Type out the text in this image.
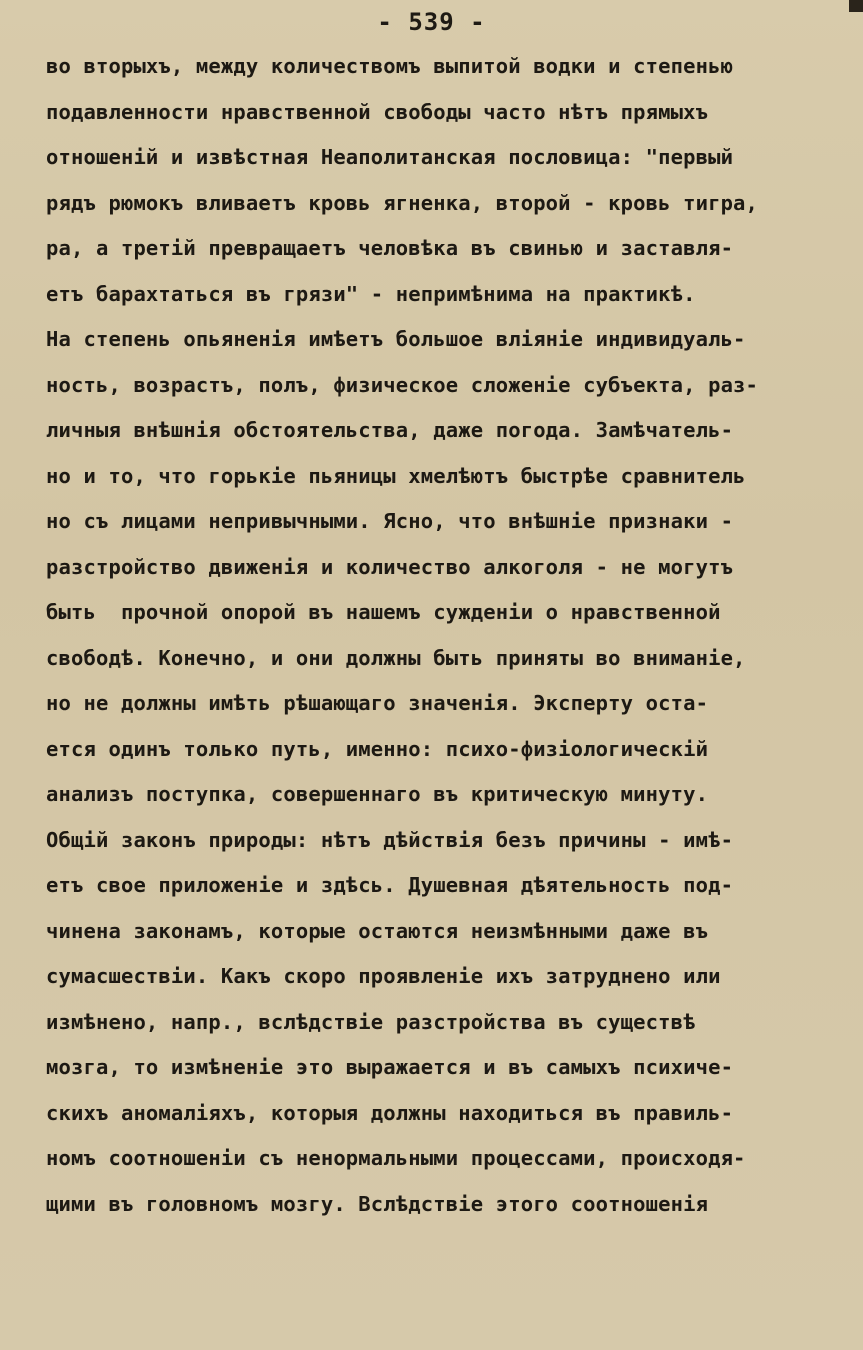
- 539 -

во вторыхъ, между количествомъ выпитой водки и степенью
подавленности нравственной свободы часто нѣтъ прямыхъ
отношенiй и извѣстная Неаполитанская пословица: "первый
рядъ рюмокъ вливаетъ кровь ягненка, второй - кровь тигра,
ра, а третiй превращаетъ человѣка въ свинью и заставля-
етъ барахтаться въ грязи" - непримѣнима на практикѣ.
На степень опьяненiя имѣетъ большое влiянiе индивидуаль-
ность, возрастъ, полъ, физическое сложенiе субъекта, раз-
личныя внѣшнiя обстоятельства, даже погода. Замѣчатель-
но и то, что горькiе пьяницы хмелѣютъ быстрѣе сравнитель
но съ лицами непривычными. Ясно, что внѣшнiе признаки -
разстройство движенiя и количество алкоголя - не могутъ
быть  прочной опорой въ нашемъ сужденiи о нравственной
свободѣ. Конечно, и они должны быть приняты во вниманiе,
но не должны имѣть рѣшающаго значенiя. Эксперту оста-
ется одинъ только путь, именно: психо-физiологическiй
анализъ поступка, совершеннаго въ критическую минуту.
Общiй законъ природы: нѣтъ дѣйствiя безъ причины - имѣ-
етъ свое приложенiе и здѣсь. Душевная дѣятельность под-
чинена законамъ, которые остаются неизмѣнными даже въ
сумасшествiи. Какъ скоро проявленiе ихъ затруднено или
измѣнено, напр., вслѣдствiе разстройства въ существѣ
мозга, то измѣненiе это выражается и въ самыхъ психиче-
скихъ аномалiяхъ, которыя должны находиться въ правиль-
номъ соотношенiи съ ненормальными процессами, происходя-
щими въ головномъ мозгу. Вслѣдствiе этого соотношенiя
